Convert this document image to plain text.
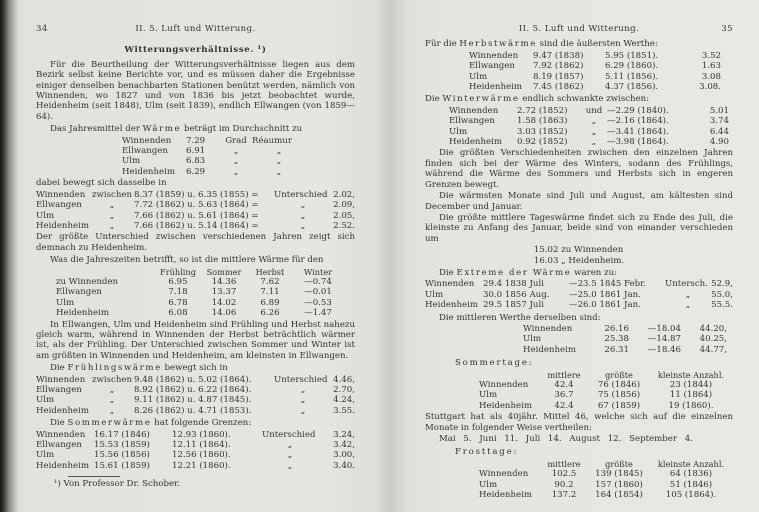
34	II. 5. Luft und Witterung.
Witterungsverhältnisse. ¹)

Für die Beurtheilung der Witterungsverhältnisse liegen aus dem Bezirk selbst keine Berichte vor, und es müssen daher die Ergebnisse einiger denselben benachbarten Stationen benützt werden, nämlich von Winnenden, wo 1827 und von 1836 bis jetzt beobachtet wurde, Heidenheim (seit 1848), Ulm (seit 1839), endlich Ellwangen (von 1859—64).

Das Jahresmittel der Wärme beträgt im Durchschnitt zu

Winnenden	7.29	Grad Réaumur
Ellwangen	6.91	„	„
Ulm	6.83	„	„
Heidenheim	6.29	„	„

dabei bewegt sich dasselbe in

Winnenden zwischen 8.37 (1859) u. 6.35 (1855) =	Unterschied 2.02,
Ellwangen	„	7.72 (1862) u. 5.63 (1864) =	„	2.09,
Ulm	„	7.66 (1862) u. 5.61 (1864) =	„	2.05,
Heidenheim	„	7.66 (1862) u. 5.14 (1864) =	„	2.52.

Der größte Unterschied zwischen verschiedenen Jahren zeigt sich demnach zu Heidenheim.

Was die Jahreszeiten betrifft, so ist die mittlere Wärme für den

Frühling	Sommer	Herbst	Winter
zu Winnenden	6.95	14.36	7.62	—0.74
Ellwangen	7.18	13.37	7.11	—0.01
Ulm	6.78	14.02	6.89	—0.53
Heidenheim	6.08	14.06	6.26	—1.47

In Ellwangen, Ulm und Heidenheim sind Frühling und Herbst nahezu gleich warm, während in Winnenden der Herbst beträchtlich wärmer ist, als der Frühling. Der Unterschied zwischen Sommer und Winter ist am größten in Winnenden und Heidenheim, am kleinsten in Ellwangen.

Die Frühlingswärme bewegt sich in

Winnenden zwischen 9.48 (1862) u. 5.02 (1864).	Unterschied 4.46,
Ellwangen	„	8.92 (1862) u. 6.22 (1864).	„	2.70,
Ulm	„	9.11 (1862) u. 4.87 (1845).	„	4.24,
Heidenheim	„	8.26 (1862) u. 4.71 (1853).	„	3.55.

Die Sommerwärme hat folgende Grenzen:

Winnenden	16.17 (1846)	12.93 (1860).	Unterschied	3.24,
Ellwangen	15.53 (1859)	12.11 (1864).	„	3.42,
Ulm	15.56 (1856)	12.56 (1860).	„	3.00,
Heidenheim 15.61 (1859)	12.21 (1860).	„	3.40.

¹) Von Professor Dr. Schober.

II. 5. Luft und Witterung.	35

Für die Herbstwärme sind die äußersten Werthe:

Winnenden	9.47 (1838)	5.95 (1851).	3.52
Ellwangen	7.92 (1862)	6.29 (1860).	1.63
Ulm	8.19 (1857)	5.11 (1856).	3.08
Heidenheim	7.45 (1862)	4.37 (1856).	3.08.

Die Winterwärme endlich schwankte zwischen:

Winnenden	2.72 (1852)	und —2.29 (1840).	5.01
Ellwangen	1.58 (1863)	„	—2.16 (1864).	3.74
Ulm	3.03 (1852)	„	—3.41 (1864).	6.44
Heidenheim	0.92 (1852)	„	—3.98 (1864).	4.90

Die größten Verschiedenheiten zwischen den einzelnen Jahren finden sich bei der Wärme des Winters, sodann des Frühlings, während die Wärme des Sommers und Herbsts sich in engeren Grenzen bewegt.

Die wärmsten Monate sind Juli und August, am kältesten sind December und Januar.

Die größte mittlere Tageswärme findet sich zu Ende des Juli, die kleinste zu Anfang des Januar, beide sind von einander verschieden um

15.02 zu Winnenden
16.03 „ Heidenheim.

Die Extreme der Wärme waren zu:

Winnenden	29.4 1838 Juli	—23.5 1845 Febr.	Untersch. 52.9,
Ulm	30.0 1856 Aug.	—25.0 1861 Jan.	„	55.0,
Heidenheim 29.5 1857 Juli	—26.0 1861 Jan.	„	55.5.

Die mittleren Werthe derselben sind:

Winnenden	26.16	—18.04	44.20,
Ulm	25.38	—14.87	40.25,
Heidenheim	26.31	—18.46	44.77,

Sommertage:

mittlere	größte	kleinste Anzahl.
Winnenden	42.4	76 (1846)	23 (1844)
Ulm	36.7	75 (1856)	11 (1864)
Heidenheim	42.4	67 (1859)	19 (1860).

Stuttgart hat als 40jähr. Mittel 46, welche sich auf die einzelnen Monate in folgender Weise vertheilen:

Mai 5. Juni 11. Juli 14. August 12. September 4.

Frosttage:

mittlere	größte	kleinste Anzahl.
Winnenden	102.5	139 (1845)	64 (1836)
Ulm	90.2	157 (1860)	51 (1846)
Heidenheim	137.2	164 (1854)	105 (1864).
